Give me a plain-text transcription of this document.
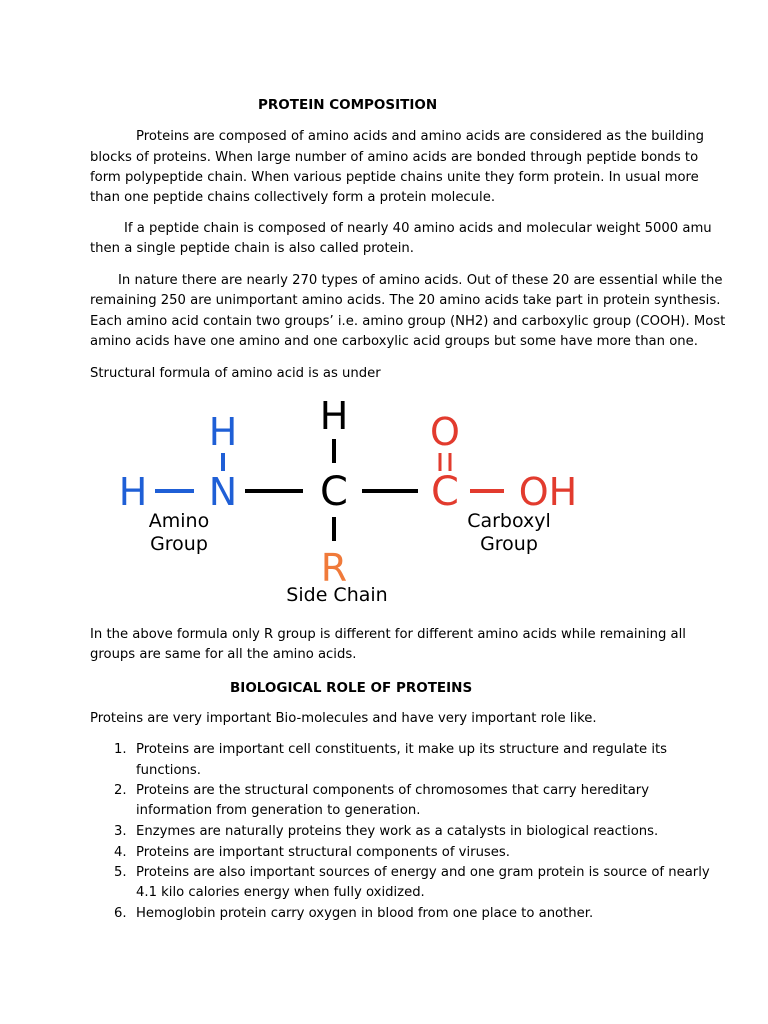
PROTEIN COMPOSITION
Proteins are composed of amino acids and amino acids are considered as the building
blocks of proteins. When large number of amino acids are bonded through peptide bonds to
form polypeptide chain. When various peptide chains unite they form protein. In usual more
than one peptide chains collectively form a protein molecule.
If a peptide chain is composed of nearly 40 amino acids and molecular weight 5000 amu
then a single peptide chain is also called protein.
In nature there are nearly 270 types of amino acids. Out of these 20 are essential while the
remaining 250 are unimportant amino acids. The 20 amino acids take part in protein synthesis.
Each amino acid contain two groups’ i.e. amino group (NH2) and carboxylic group (COOH). Most
amino acids have one amino and one carboxylic acid groups but some have more than one.
Structural formula of amino acid is as under
H
H N
H
C
R
O
C OH
Amino
Group
Carboxyl
Group
Side Chain
In the above formula only R group is different for different amino acids while remaining all
groups are same for all the amino acids.
BIOLOGICAL ROLE OF PROTEINS
Proteins are very important Bio-molecules and have very important role like.
1. Proteins are important cell constituents, it make up its structure and regulate its
functions.
2. Proteins are the structural components of chromosomes that carry hereditary
information from generation to generation.
3. Enzymes are naturally proteins they work as a catalysts in biological reactions.
4. Proteins are important structural components of viruses.
5. Proteins are also important sources of energy and one gram protein is source of nearly
4.1 kilo calories energy when fully oxidized.
6. Hemoglobin protein carry oxygen in blood from one place to another.
